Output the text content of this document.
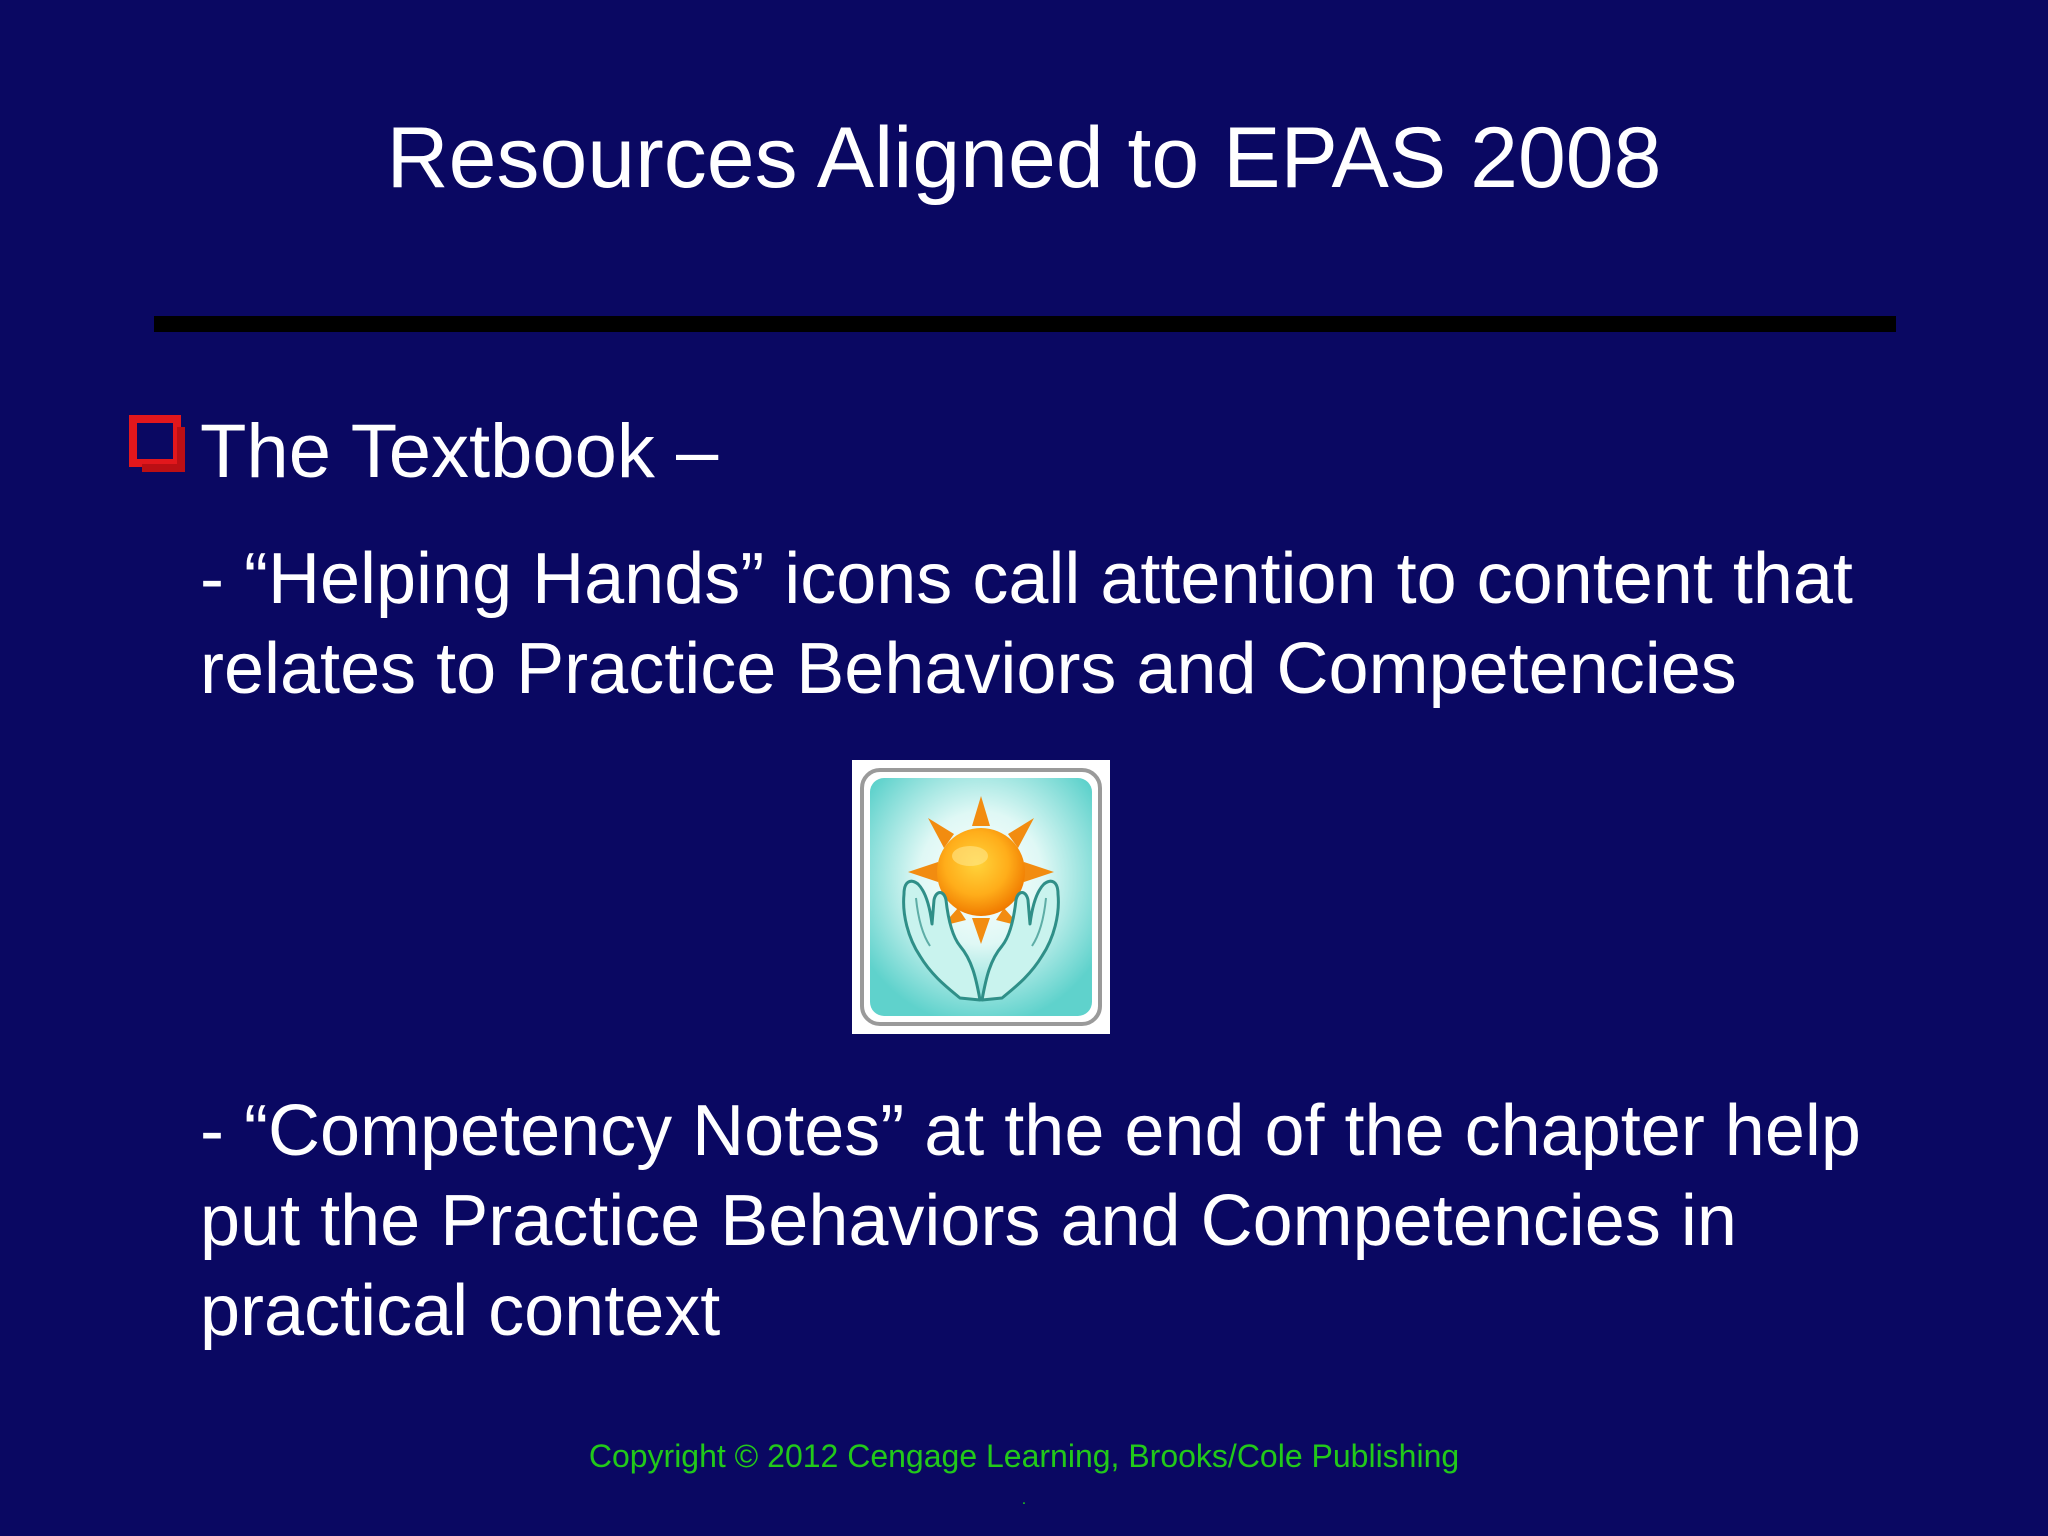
Resources Aligned to EPAS 2008
The Textbook –
- “Helping Hands” icons call attention to content that relates to Practice Behaviors and Competencies
- “Competency Notes” at the end of the chapter help put the Practice Behaviors and Competencies in practical context
Copyright © 2012 Cengage Learning, Brooks/Cole Publishing
.
